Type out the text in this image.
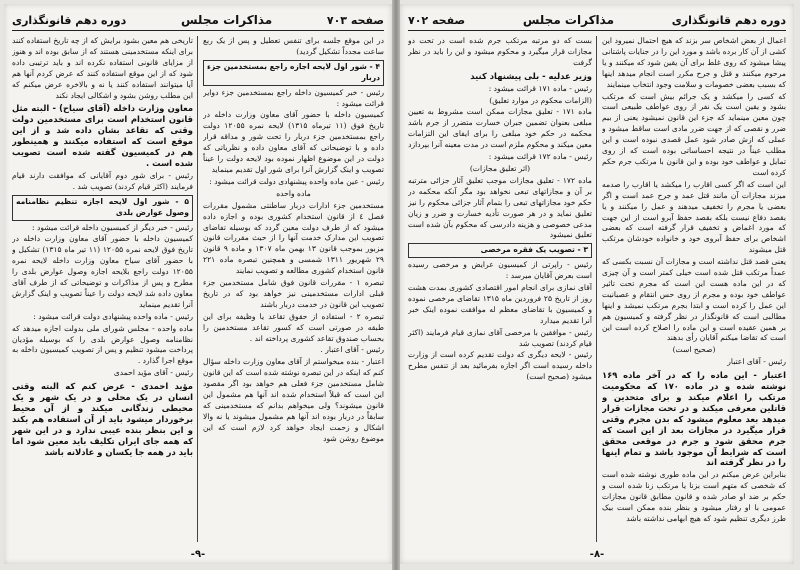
صفحه ۷۰۳
مذاکرات مجلس
دوره دهم قانونگذاری

در این موقع جلسه برای تنفس تعطیل و پس از یک ربع ساعت مجدداً تشکیل گردید)

۴ - شور اول لایحه اجازه راجع بمستخدمین جزء دربار

رئیس - خبر کمیسیون داخله راجع بمستخدمین جزء دوایر قرائت میشود :

کمیسیون داخله با حضور آقای معاون وزارت داخله در تاریخ فوق (۱۱ تیرماه ۱۳۱۵) لایحه نمره ۱۲۰۵۵ دولت راجع بمستخدمین جزء دربار را تحت شور و مداقه قرار داده و با توضیحاتی که آقای معاون داده و نظریاتی که دولت در این موضوع اظهار نموده بود لایحه دولت را عیناً تصویب و اینک گزارش آنرا برای شور اول تقدیم مینماید

رئیس - عین ماده واحده پیشنهادی دولت قرائت میشود :

ماده واحده

مستخدمین جزء ادارات دربار ساطنتی مشمول مقررات فصل ٤ از قانون استخدام کشوری بوده و اجازه داده میشود که از طرف دولت معین گردد که بوسیله تفاضای تصویب این مدارک خدمت آنها را از حیث مقررات قانون مزبور بموجب قانون ۱۳ بهمن ماه ۱۳۰۷ و ماده ۹ قانون ۲۹ شهریور ۱۳۱۱ شمسی و همچنین تبصره ماده ۲۲۱ قانون استخدام کشوری مطالعه و تصویب نمایند

تبصره ۱ - مقررات قانون فوق شامل مستخدمین جزء قبلی ادارات مستخدمینی نیز خواهد بود که در تاریخ تصویب این قانون در خدمت دربار باشند

تبصره ۲ - استفاده از حقوق تقاعد یا وظیفه برای این طبقه در صورتی است که کسور تقاعد مستخدمین را بحساب صندوق تقاعد کشوری پرداخته اند .

رئیس - آقای اعتبار .

اعتبار - بنده میخواستم از آقای معاون وزارت داخله سؤال کنم که اینکه در این تبصره نوشته شده است که این قانون شامل مستخدمین جزء فعلی هم خواهد بود اگر مقصود این است که قبلاً استخدام شده اند آنها هم مشمول این قانون میشوند؟ ولی میخواهم بدانم که مستخدمینی که سابقاً در دربار بوده اند آنها هم مشمول میشوند یا نه والا اشکال و زحمت ایجاد خواهد کرد لازم است که این موضوع روشن شود

تاریخی هم معین بشود برایش که از چه تاریخ استفاده کنند برای اینکه مستخدمینی هستند که از سابق بوده اند و هنوز از مزایای قانونی استفاده نکرده اند و باید ترتیبی داده شود که از این موقع استفاده کنند که عرض کردم آنها هم آیا میتوانند استفاده کنند یا نه و بالاخره عرض میکنم که این مطلب روشن بشود و اشکالی ایجاد نکند

معاون وزارت داخله (آقای سیاح) - البته مثل قانون استخدام است برای مستخدمین دولت وقتی که تقاعد بشان داده شد و از این موقع است که استفاده میکنند و همینطور هم در کمیسیون گفته شده است تصویب شده است .

رئیس - برای شور دوم آقایانی که موافقت دارند قیام فرمایند (اکثر قیام کردند) تصویب شد .

۵ - شور اول لایحه اجازه تنظیم نظامنامه وصول عوارض بلدی

رئیس - خبر دیگر از کمیسیون داخله قرائت میشود :

کمیسیون داخله با حضور آقای معاون وزارت داخله در تاریخ فوق لایحه نمره ۱۲۰۵۵ (۱۱ تیر ماه ۱۳۱۵) تشکیل و با حضور آقای سیاح معاون وزارت داخله لایحه نمره ۱۲۰۵۵ دولت راجع بلایحه اجازه وصول عوارض بلدی را مطرح و پس از مذاکرات و توضیحاتی که از طرف آقای معاون داده شد لایحه دولت را عیناً تصویب و اینک گزارش آنرا تقدیم مینماید

رئیس - ماده واحده پیشنهادی دولت قرائت میشود :

ماده واحده - مجلس شورای ملی بدولت اجازه میدهد که نظامنامه وصول عوارض بلدی را که بوسیله مؤدیان پرداخت میشود تنظیم و پس از تصویب کمیسیون داخله به موقع اجرا گذارد .

رئیس - آقای مؤید احمدی

مؤید احمدی - عرض کنم که البته وقتی انسان در یک محلی و در یک شهر و یک محیطی زندگانی میکند و از آن محیط برخوردار میشود باید از آن استفاده هم بکند و این بنظر بنده عیبی ندارد و در این شهر که همه جای ایران تکلیف باید معین شود اما باید در همه جا یکسان و عادلانه باشد

-۹-
دوره دهم قانونگذاری
مذاکرات مجلس
صفحه ۷۰۲

اعمال از بعض اشخاص سر بزند که هیچ احتمال نمیرود این کشی از آن کار برده باشد و مورد این را در جنایات پاشتانی پیشا میشود که روی غلط برای آن یقین شود که میکنند و یا مرحوم میکنند و قتل و جرح مکرر است انجام میدهد اینها که بسبب بعضی خصومات و سلامت وجود انتخاب مینمایند

که کسی را میکشد و یک جرائم بیش است که مرتکب بشود و یقین است یک نفر از روی عواطف طبیعی است چون معین مینماید که جزء این قانون نمیشود یعنی از بیم ضرر و نقصی که از جهت ضرر مادی است ساقط میشود و عملی که ازش صادر شود عمل قصدی نبوده است و این مطلب عیناً در نتیجه احساساتی بوده است که از روی تمایل و عواطف خود بوده و این قانون با مرتکب جرم حکم کرده است

این است که اگر کسی اقارب را میکشد یا اقارب را صدمه میزند مجازات آن مانند قتل عمد و جرح عمد است و اگر بعضی یا مجرم را تخفیف میدهند و عمل را میکنند و یا بقصد دفاع نیست بلکه بقصد حفظ آبرو است از این جهت که مورد اغماض و تخفیف قرار گرفته است که بعضی اشخاص برای حفظ آبروی خود و خانواده خودشان مرتکب قتل میشوند

یعنی قصد قتل نداشته است و مجازات آن نسبت بکسی که عمداً مرتکب قتل شده است خیلی کمتر است و آن چیزی که در این ماده هست این است که مجرم تحت تاثیر عواطف خود بوده و مجرم از روی حس انتقام و عصبانیت این عمل را کرده است و ابتدا بجرم مرتکب نمیشد و اینها مطالبی است که قانونگذار در نظر گرفته و کمیسیون هم بر همین عقیده است و این ماده را اصلاح کرده است این است که تقاضا میکنم آقایان رأی بدهند

(صحیح است)

رئیس - آقای اعتبار

اعتبار - این ماده را که در آخر ماده ۱۶۹ نوشته شده و در ماده ۱۷۰ که محکومیت مرتکب را اعلام میکند و برای متحدین و قاتلین معرفی میکند و در تحت مجازات قرار میدهد بعد معلوم میشود که بدن مجرم وقتی قرار میگیرد در مجازات بعد از این است که جرم محقق شود و جرم در موقعی محقق است که شرایط آن موجود باشد و تمام اینها را در نظر گرفته اند

بنابراین عرض میکنم در این ماده طوری نوشته شده است که شخصی که متهم است بزنا یا مرتکب زنا شده است و حکم بر ضد او صادر شده و قانون مطابق قانون مجازات عمومی با او رفتار میشود و بنظر بنده ممکن است بیک طرز دیگری تنظیم شود که هیچ ابهامی نداشته باشد

بست که دو مرتبه مرتکب جرم شده است در تحت دو مجازات قرار میگیرد و محکوم میشود و این را باید در نظر گرفت

وزیر عدلیه - بلی پیشنهاد کنید

رئیس - ماده ۱۷۱ قرائت میشود :

(الزامات محکوم در موارد تعلیق)

ماده ۱۷۱ - تعلیق مجازات ممکن است مشروط به تعیین مبلغی بعنوان تضمین جبران خسارت متضرر از جرم باشد محکمه در حکم خود مبلغی را برای ایفای این التزامات معین میکند و محکوم ملزم است در مدت معینه آنرا بپردازد

رئیس - ماده ۱۷۲ قرائت میشود :

(اثر تعلیق مجازات)

ماده ۱۷۲ - تعلیق مجازات موجب تعلیق آثار جزائی مترتبه بر آن و مجازاتهای تبعی نخواهد بود مگر آنکه محکمه در حکم خود مجازاتهای تبعی را بتمام آثار جزائی محکوم را نیز تعلیق نماید و در هر صورت تأدیه خسارت و ضرر و زیان مدعی خصوصی و هزینه دادرسی که محکوم بآن شده است تعلیق نمیشود

۳ - تصویب یک فقره مرخصی

رئیس - راپرتی از کمیسیون عرایض و مرخصی رسیده است بعرض آقایان میرسد :

آقای نمازی برای انجام امور اقتصادی کشوری بمدت هشت روز از تاریخ ۲۵ فروردین ماه ۱۳۱۵ تقاضای مرخصی نموده و کمیسیون با تقاضای معظم له موافقت نموده اینک خبر آنرا تقدیم میدارد

رئیس - موافقین با مرخصی آقای نمازی قیام فرمایند (اکثر قیام کردند) تصویب شد

رئیس - لایحه دیگری که دولت تقدیم کرده است از وزارت داخله رسیده است اگر اجازه بفرمائید بعد از تنفس مطرح میشود (صحیح است)

-۸-
